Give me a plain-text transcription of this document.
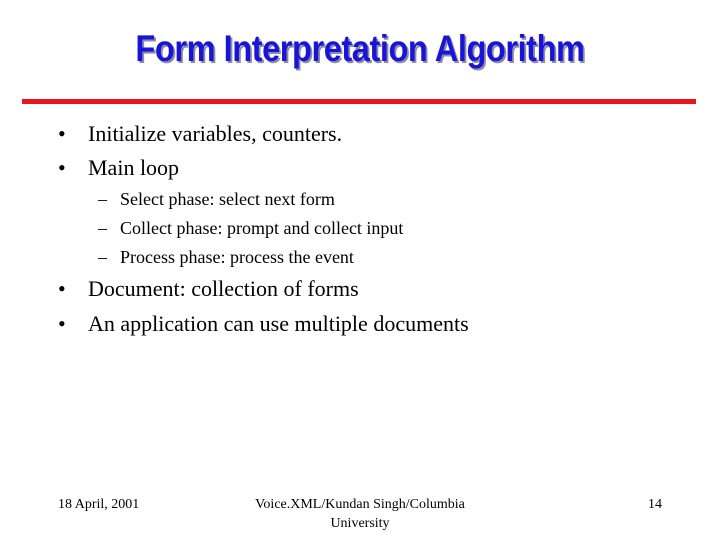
Form Interpretation Algorithm
• Initialize variables, counters.
• Main loop
– Select phase: select next form
– Collect phase: prompt and collect input
– Process phase: process the event
• Document: collection of forms
• An application can use multiple documents
18 April, 2001	Voice.XML/Kundan Singh/Columbia University
14
